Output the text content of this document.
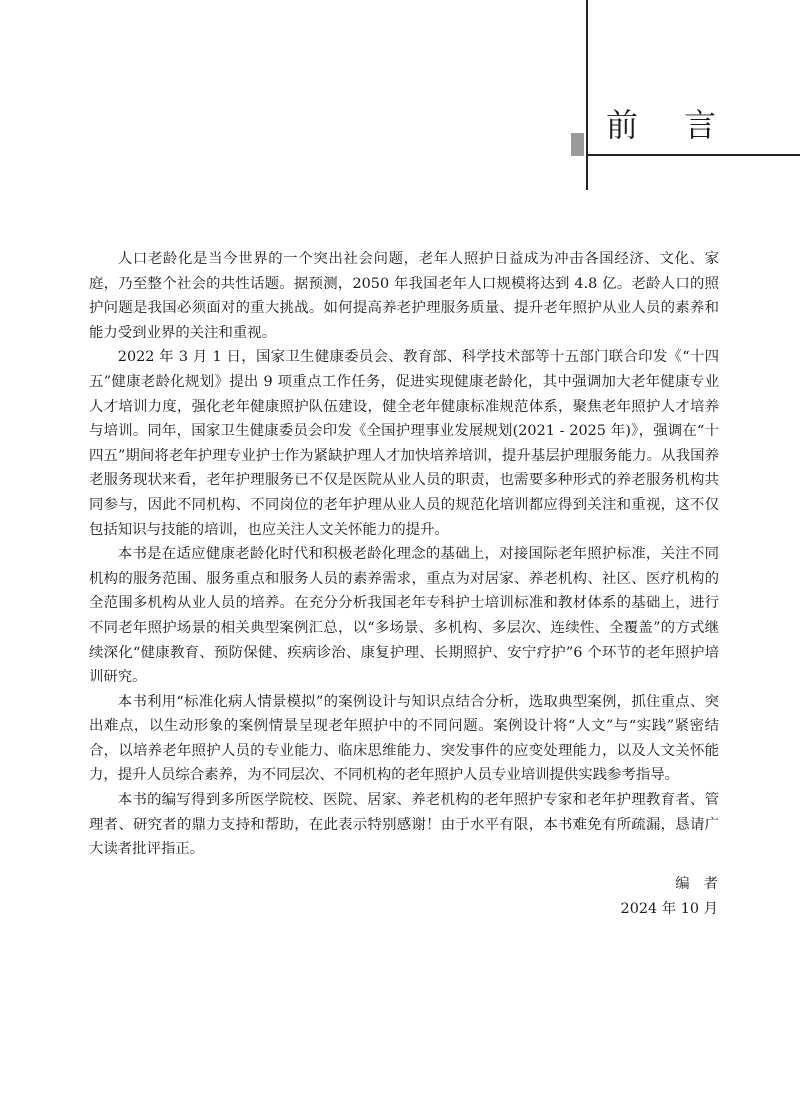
前 言

人口老龄化是当今世界的一个突出社会问题，老年人照护日益成为冲击各国经济、文化、家庭，乃至整个社会的共性话题。据预测，2050 年我国老年人口规模将达到 4.8 亿。老龄人口的照护问题是我国必须面对的重大挑战。如何提高养老护理服务质量、提升老年照护从业人员的素养和能力受到业界的关注和重视。

2022 年 3 月 1 日，国家卫生健康委员会、教育部、科学技术部等十五部门联合印发《“十四五”健康老龄化规划》提出 9 项重点工作任务，促进实现健康老龄化，其中强调加大老年健康专业人才培训力度，强化老年健康照护队伍建设，健全老年健康标准规范体系，聚焦老年照护人才培养与培训。同年，国家卫生健康委员会印发《全国护理事业发展规划(2021 - 2025 年)》，强调在“十四五”期间将老年护理专业护士作为紧缺护理人才加快培养培训，提升基层护理服务能力。从我国养老服务现状来看，老年护理服务已不仅是医院从业人员的职责，也需要多种形式的养老服务机构共同参与，因此不同机构、不同岗位的老年护理从业人员的规范化培训都应得到关注和重视，这不仅包括知识与技能的培训，也应关注人文关怀能力的提升。

本书是在适应健康老龄化时代和积极老龄化理念的基础上，对接国际老年照护标准，关注不同机构的服务范围、服务重点和服务人员的素养需求，重点为对居家、养老机构、社区、医疗机构的全范围多机构从业人员的培养。在充分分析我国老年专科护士培训标准和教材体系的基础上，进行不同老年照护场景的相关典型案例汇总，以“多场景、多机构、多层次、连续性、全覆盖”的方式继续深化“健康教育、预防保健、疾病诊治、康复护理、长期照护、安宁疗护”6 个环节的老年照护培训研究。

本书利用“标准化病人情景模拟”的案例设计与知识点结合分析，选取典型案例，抓住重点、突出难点，以生动形象的案例情景呈现老年照护中的不同问题。案例设计将“人文”与“实践”紧密结合，以培养老年照护人员的专业能力、临床思维能力、突发事件的应变处理能力，以及人文关怀能力，提升人员综合素养，为不同层次、不同机构的老年照护人员专业培训提供实践参考指导。

本书的编写得到多所医学院校、医院、居家、养老机构的老年照护专家和老年护理教育者、管理者、研究者的鼎力支持和帮助，在此表示特别感谢！由于水平有限，本书难免有所疏漏，恳请广大读者批评指正。

编者
2024 年 10 月
